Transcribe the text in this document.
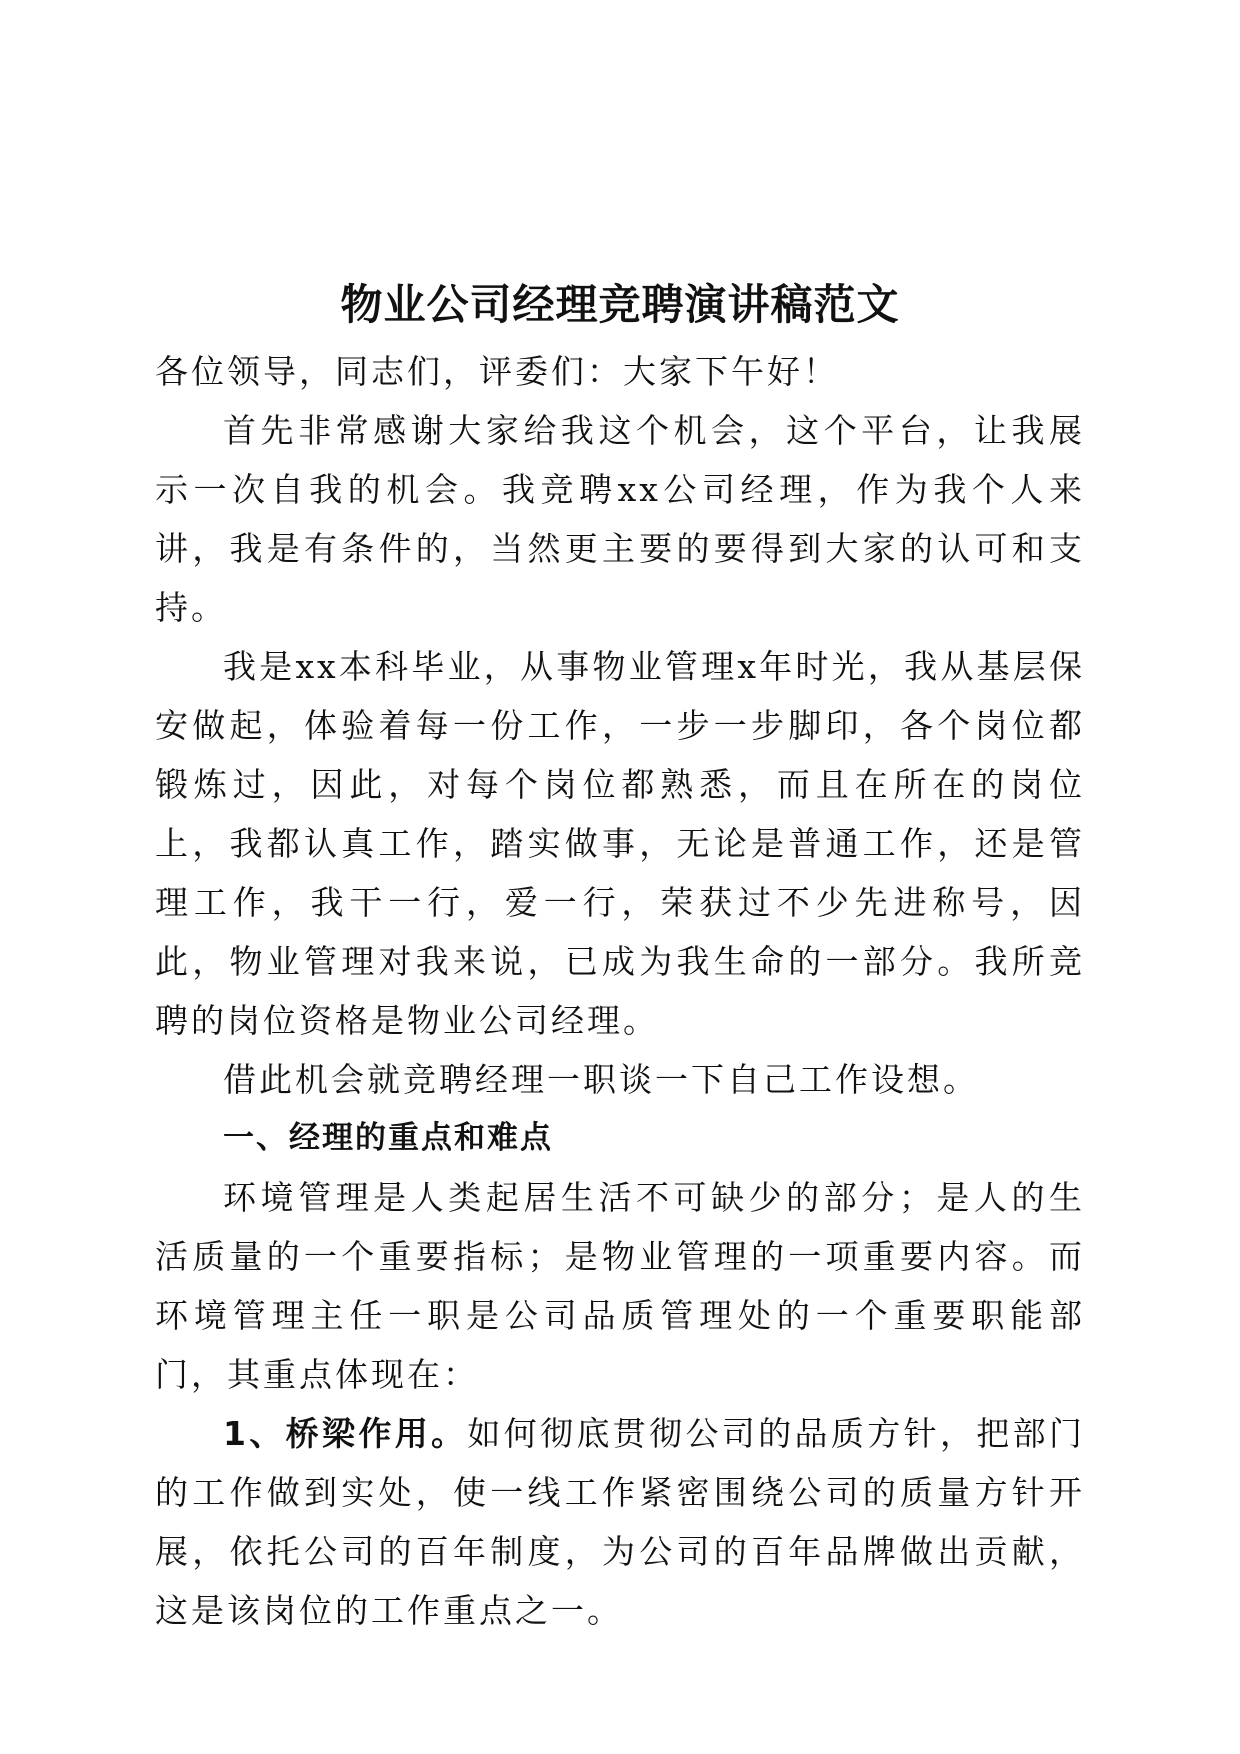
物业公司经理竞聘演讲稿范文

各位领导，同志们，评委们：大家下午好！

首先非常感谢大家给我这个机会，这个平台，让我展示一次自我的机会。我竞聘xx公司经理，作为我个人来讲，我是有条件的，当然更主要的要得到大家的认可和支持。

我是xx本科毕业，从事物业管理x年时光，我从基层保安做起，体验着每一份工作，一步一步脚印，各个岗位都锻炼过，因此，对每个岗位都熟悉，而且在所在的岗位上，我都认真工作，踏实做事，无论是普通工作，还是管理工作，我干一行，爱一行，荣获过不少先进称号，因此，物业管理对我来说，已成为我生命的一部分。我所竞聘的岗位资格是物业公司经理。

借此机会就竞聘经理一职谈一下自己工作设想。

一、经理的重点和难点

环境管理是人类起居生活不可缺少的部分；是人的生活质量的一个重要指标；是物业管理的一项重要内容。而环境管理主任一职是公司品质管理处的一个重要职能部门，其重点体现在：

1、桥梁作用。如何彻底贯彻公司的品质方针，把部门的工作做到实处，使一线工作紧密围绕公司的质量方针开展，依托公司的百年制度，为公司的百年品牌做出贡献，这是该岗位的工作重点之一。
